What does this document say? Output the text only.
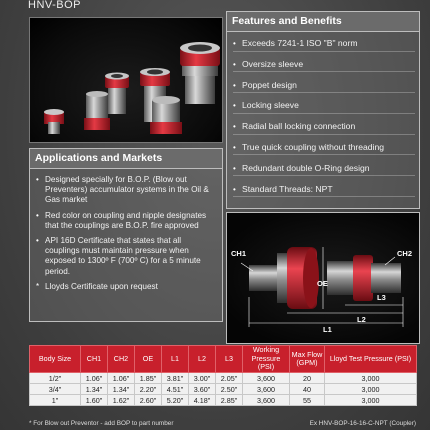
HNV-BOP
Features and Benefits
• Exceeds 7241-1 ISO "B" norm
• Oversize sleeve
• Poppet design
• Locking sleeve
• Radial ball locking connection
• True quick coupling without threading
• Redundant double O-Ring design
• Standard Threads: NPT
Applications and Markets
• Designed specially for B.O.P. (Blow out Preventers) accumulator systems in the Oil & Gas market
• Red color on coupling and nipple designates that the couplings are B.O.P. fire approved
• API 16D Certificate that states that all couplings must maintain pressure when exposed to 1300º F (700º C) for a 5 minute period.
* Lloyds Certificate upon request
CH1	CH2
OE
L1
L2
L3
Body Size	CH1	CH2	OE	L1	L2	L3	Working Pressure (PSI)	Max Flow (GPM)	Lloyd Test Pressure (PSI)
1/2"	1.06"	1.06"	1.85"	3.81"	3.00"	2.05"	3,600	20	3,000
3/4"	1.34"	1.34"	2.20"	4.51"	3.60"	2.50"	3,600	40	3,000
1"	1.60"	1.62"	2.60"	5.20"	4.18"	2.85"	3,600	55	3,000
* For Blow out Preventor - add BOP to part number	Ex HNV-BOP-16-16-C-NPT (Coupler)
